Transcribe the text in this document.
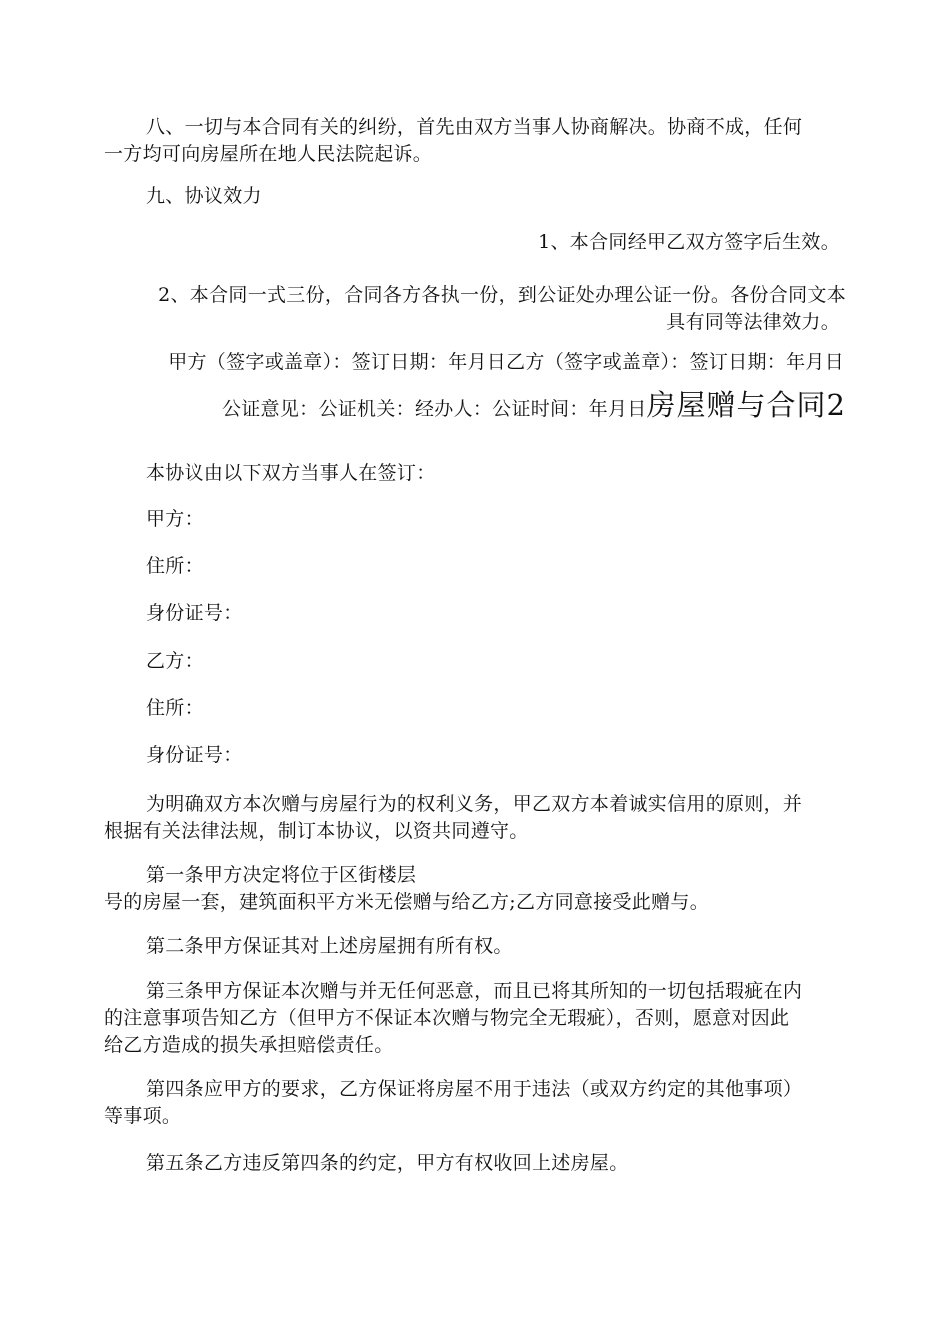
八、一切与本合同有关的纠纷，首先由双方当事人协商解决。协商不成，任何
一方均可向房屋所在地人民法院起诉。
九、协议效力
1、本合同经甲乙双方签字后生效。
2、本合同一式三份，合同各方各执一份，到公证处办理公证一份。各份合同文本
具有同等法律效力。
甲方（签字或盖章）：签订日期：年月日乙方（签字或盖章）：签订日期：年月日
公证意见：公证机关：经办人：公证时间：年月日 房屋赠与合同2
本协议由以下双方当事人在签订：
甲方：
住所：
身份证号：
乙方：
住所：
身份证号：
为明确双方本次赠与房屋行为的权利义务，甲乙双方本着诚实信用的原则，并
根据有关法律法规，制订本协议，以资共同遵守。
第一条甲方决定将位于区街楼层
号的房屋一套，建筑面积平方米无偿赠与给乙方;乙方同意接受此赠与。
第二条甲方保证其对上述房屋拥有所有权。
第三条甲方保证本次赠与并无任何恶意，而且已将其所知的一切包括瑕疵在内
的注意事项告知乙方（但甲方不保证本次赠与物完全无瑕疵），否则，愿意对因此
给乙方造成的损失承担赔偿责任。
第四条应甲方的要求，乙方保证将房屋不用于违法（或双方约定的其他事项）
等事项。
第五条乙方违反第四条的约定，甲方有权收回上述房屋。
